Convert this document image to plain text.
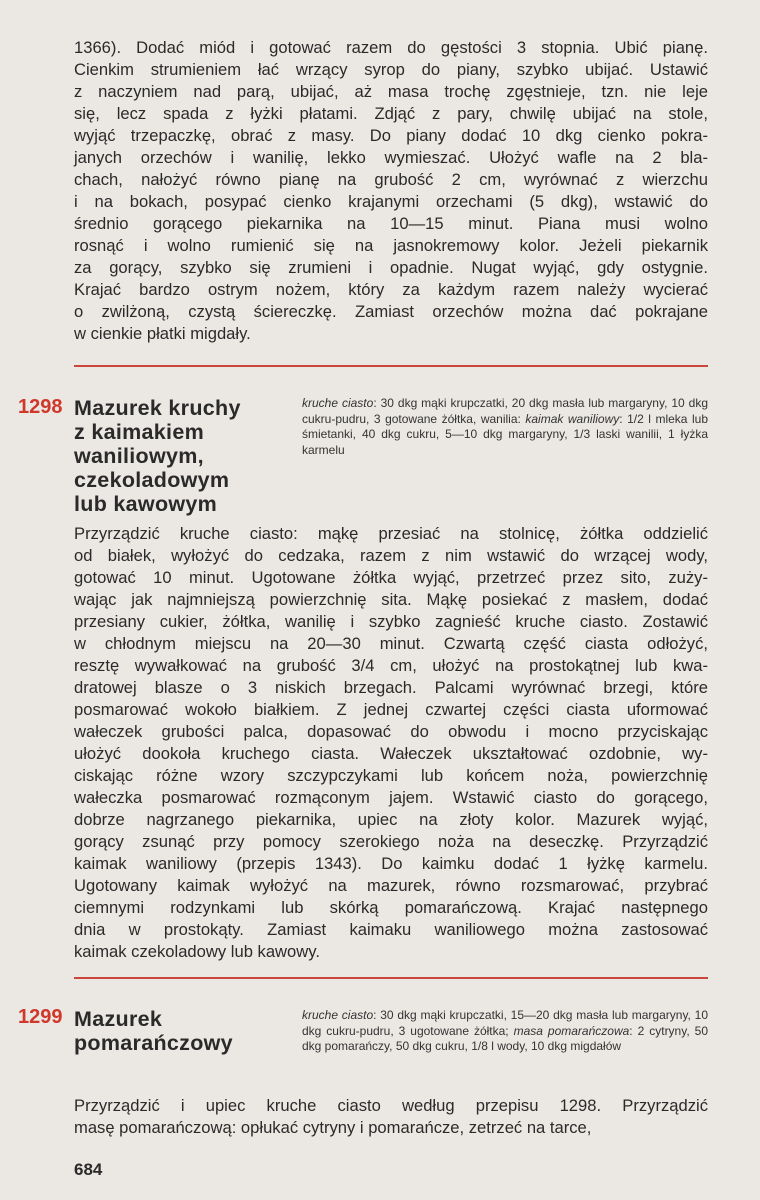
1366). Dodać miód i gotować razem do gęstości 3 stopnia. Ubić pianę.
Cienkim strumieniem łać wrzący syrop do piany, szybko ubijać. Ustawić
z naczyniem nad parą, ubijać, aż masa trochę zgęstnieje, tzn. nie leje
się, lecz spada z łyżki płatami. Zdjąć z pary, chwilę ubijać na stole,
wyjąć trzepaczkę, obrać z masy. Do piany dodać 10 dkg cienko pokra-
janych orzechów i wanilię, lekko wymieszać. Ułożyć wafle na 2 bla-
chach, nałożyć równo pianę na grubość 2 cm, wyrównać z wierzchu
i na bokach, posypać cienko krajanymi orzechami (5 dkg), wstawić do
średnio gorącego piekarnika na 10—15 minut. Piana musi wolno
rosnąć i wolno rumienić się na jasnokremowy kolor. Jeżeli piekarnik
za gorący, szybko się zrumieni i opadnie. Nugat wyjąć, gdy ostygnie.
Krajać bardzo ostrym nożem, który za każdym razem należy wycierać
o zwilżoną, czystą ściereczkę. Zamiast orzechów można dać pokrajane
w cienkie płatki migdały.
1298 Mazurek kruchy
z kaimakiem
waniliowym,
czekoladowym
lub kawowym
kruche ciasto: 30 dkg mąki krupczatki, 20 dkg masła lub margaryny, 10 dkg cukru-pudru, 3 gotowane żółtka, wanilia: kaimak waniliowy: 1/2 l mleka lub śmietanki, 40 dkg cukru, 5—10 dkg margaryny, 1/3 laski wanilii, 1 łyżka karmelu
Przyrządzić kruche ciasto: mąkę przesiać na stolnicę, żółtka oddzielić
od białek, wyłożyć do cedzaka, razem z nim wstawić do wrzącej wody,
gotować 10 minut. Ugotowane żółtka wyjąć, przetrzeć przez sito, zuży-
wając jak najmniejszą powierzchnię sita. Mąkę posiekać z masłem, dodać
przesiany cukier, żółtka, wanilię i szybko zagnieść kruche ciasto. Zostawić
w chłodnym miejscu na 20—30 minut. Czwartą część ciasta odłożyć,
resztę wywałkować na grubość 3/4 cm, ułożyć na prostokątnej lub kwa-
dratowej blasze o 3 niskich brzegach. Palcami wyrównać brzegi, które
posmarować wokoło białkiem. Z jednej czwartej części ciasta uformować
wałeczek grubości palca, dopasować do obwodu i mocno przyciskając
ułożyć dookoła kruchego ciasta. Wałeczek ukształtować ozdobnie, wy-
ciskając różne wzory szczypczykami lub końcem noża, powierzchnię
wałeczka posmarować rozmąconym jajem. Wstawić ciasto do gorącego,
dobrze nagrzanego piekarnika, upiec na złoty kolor. Mazurek wyjąć,
gorący zsunąć przy pomocy szerokiego noża na deseczkę. Przyrządzić
kaimak waniliowy (przepis 1343). Do kaimku dodać 1 łyżkę karmelu.
Ugotowany kaimak wyłożyć na mazurek, równo rozsmarować, przybrać
ciemnymi rodzynkami lub skórką pomarańczową. Krajać następnego
dnia w prostokąty. Zamiast kaimaku waniliowego można zastosować
kaimak czekoladowy lub kawowy.
1299 Mazurek
pomarańczowy
kruche ciasto: 30 dkg mąki krupczatki, 15—20 dkg masła lub margaryny, 10 dkg cukru-pudru, 3 ugotowane żółtka; masa pomarańczowa: 2 cytryny, 50 dkg pomarańczy, 50 dkg cukru, 1/8 l wody, 10 dkg migdałów
Przyrządzić i upiec kruche ciasto według przepisu 1298. Przyrządzić
masę pomarańczową: opłukać cytryny i pomarańcze, zetrzeć na tarce,
684
